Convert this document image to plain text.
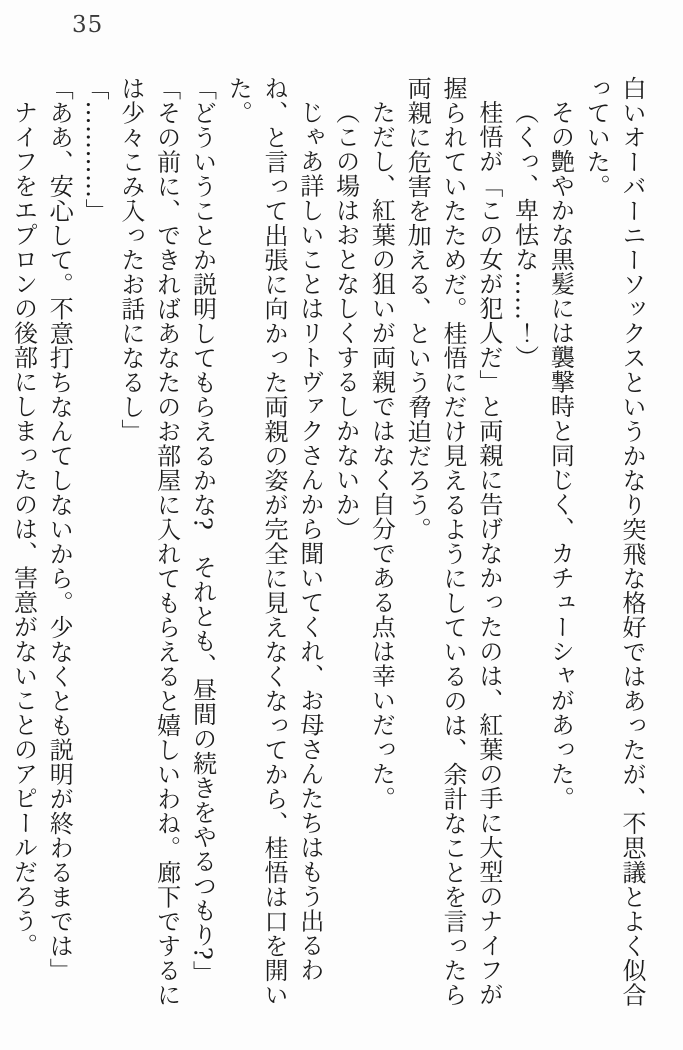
35

白いオーバーニーソックスというかなり突飛な格好ではあったが、不思議とよく似合っていた。

その艶やかな黒髪には襲撃時と同じく、カチューシャがあった。

（くっ、卑怯な……！）

桂悟が「この女が犯人だ」と両親に告げなかったのは、紅葉の手に大型のナイフが握られていたためだ。桂悟にだけ見えるようにしているのは、余計なことを言ったら両親に危害を加える、という脅迫だろう。

ただし、紅葉の狙いが両親ではなく自分である点は幸いだった。

（この場はおとなしくするしかないか）

じゃあ詳しいことはリトヴァクさんから聞いてくれ、お母さんたちはもう出るわね、と言って出張に向かった両親の姿が完全に見えなくなってから、桂悟は口を開いた。

「どういうことか説明してもらえるかな?　それとも、昼間の続きをやるつもり?」

「その前に、できればあなたのお部屋に入れてもらえると嬉しいわね。廊下でするには少々こみ入ったお話になるし」

「…………」

「ああ、安心して。不意打ちなんてしないから。少なくとも説明が終わるまでは」

ナイフをエプロンの後部にしまったのは、害意がないことのアピールだろう。
